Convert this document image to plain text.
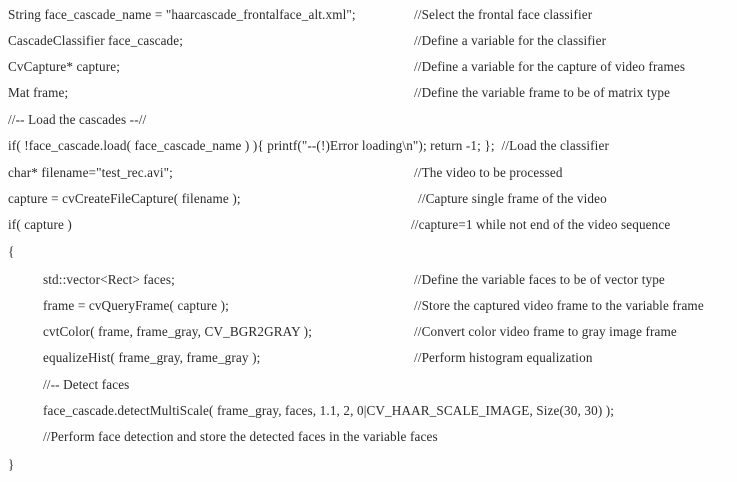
String face_cascade_name = "haarcascade_frontalface_alt.xml";	//Select the frontal face classifier
CascadeClassifier face_cascade;	//Define a variable for the classifier
CvCapture* capture;	//Define a variable for the capture of video frames
Mat frame;	//Define the variable frame to be of matrix type
//-- Load the cascades --//
if( !face_cascade.load( face_cascade_name ) ){ printf("--(!)Error loading\n"); return -1; };  //Load the classifier
char* filename="test_rec.avi";	//The video to be processed
capture = cvCreateFileCapture( filename );	//Capture single frame of the video
if( capture )	//capture=1 while not end of the video sequence
{
std::vector<Rect> faces;	//Define the variable faces to be of vector type
frame = cvQueryFrame( capture );	//Store the captured video frame to the variable frame
cvtColor( frame, frame_gray, CV_BGR2GRAY );	//Convert color video frame to gray image frame
equalizeHist( frame_gray, frame_gray );	//Perform histogram equalization
//-- Detect faces
face_cascade.detectMultiScale( frame_gray, faces, 1.1, 2, 0|CV_HAAR_SCALE_IMAGE, Size(30, 30) );
//Perform face detection and store the detected faces in the variable faces
}
